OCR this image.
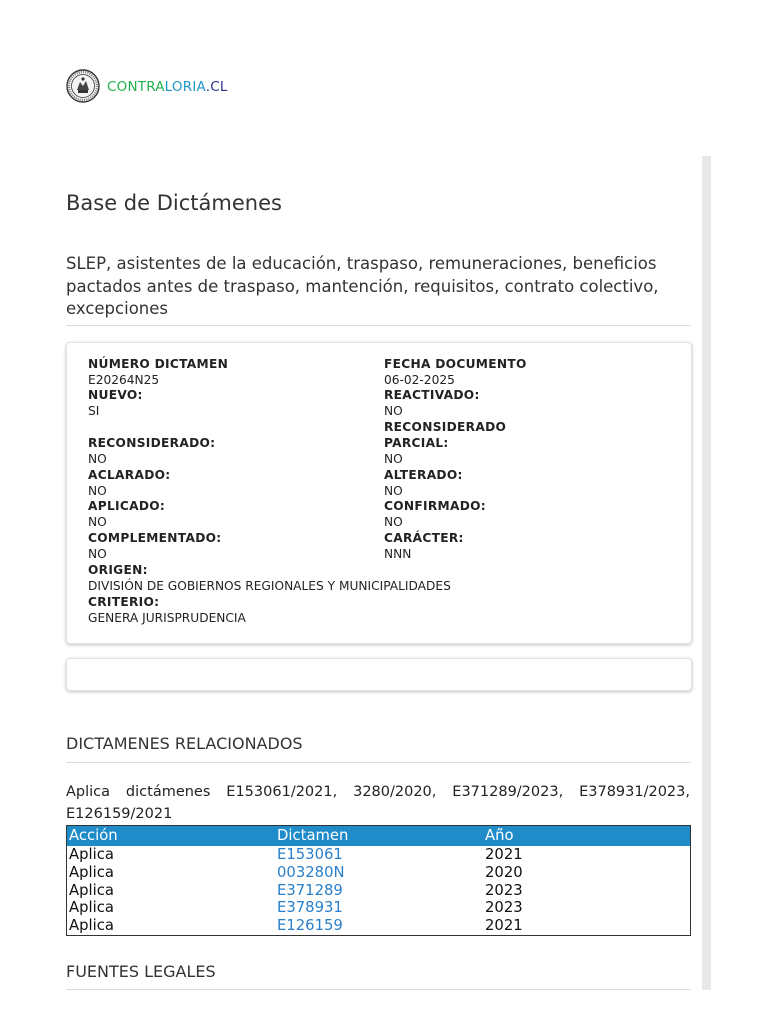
CONTRALORIA.CL
Base de Dictámenes

SLEP, asistentes de la educación, traspaso, remuneraciones, beneficios pactados antes de traspaso, mantención, requisitos, contrato colectivo, excepciones

NÚMERO DICTAMEN
E20264N25
FECHA DOCUMENTO
06-02-2025
NUEVO:
SI
REACTIVADO:
NO
RECONSIDERADO
PARCIAL:
NO
RECONSIDERADO:
NO
ACLARADO:
NO
ALTERADO:
NO
APLICADO:
NO
CONFIRMADO:
NO
COMPLEMENTADO:
NO
CARÁCTER:
NNN
ORIGEN:
DIVISIÓN DE GOBIERNOS REGIONALES Y MUNICIPALIDADES
CRITERIO:
GENERA JURISPRUDENCIA
DICTAMENES RELACIONADOS

Aplica dictámenes E153061/2021, 3280/2020, E371289/2023, E378931/2023, E126159/2021

Acción	Dictamen	Año
Aplica	E153061	2021
Aplica	003280N	2020
Aplica	E371289	2023
Aplica	E378931	2023
Aplica	E126159	2021
FUENTES LEGALES
